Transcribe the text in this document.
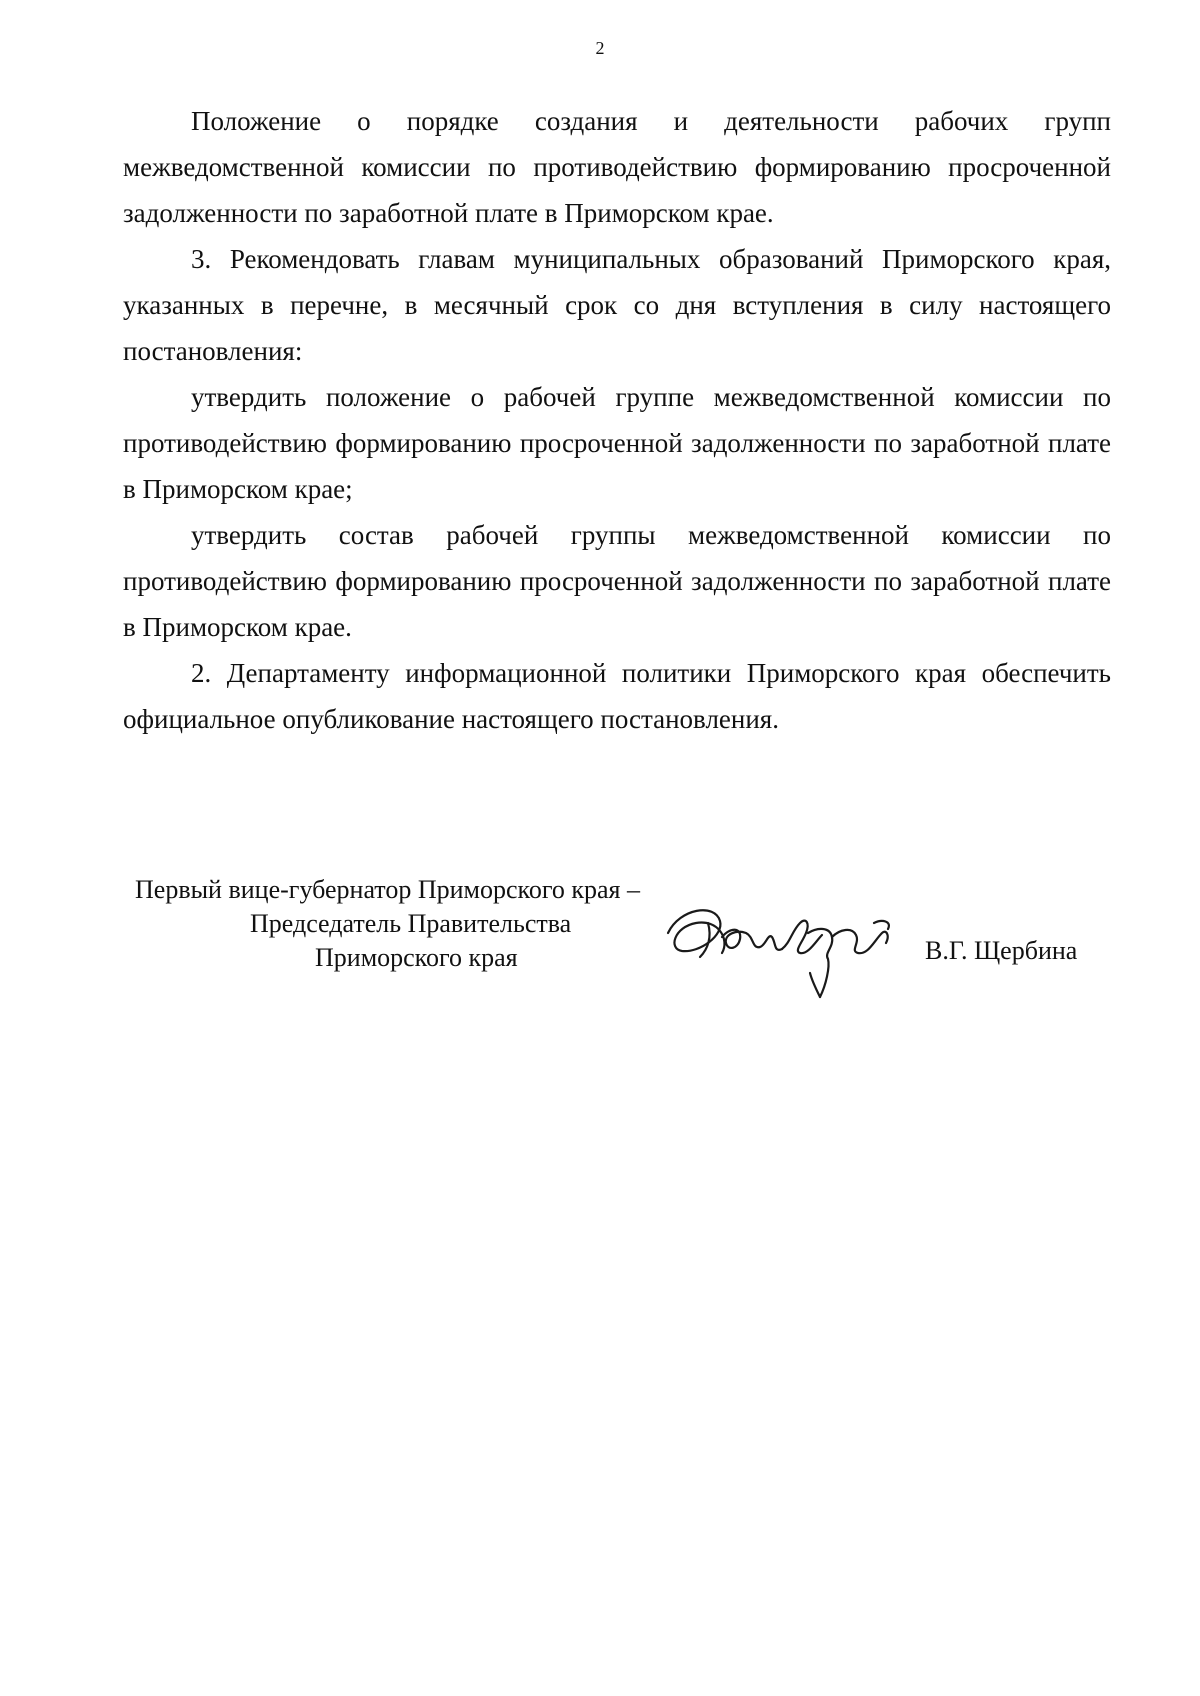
2

Положение о порядке создания и деятельности рабочих групп межведомственной комиссии по противодействию формированию просроченной задолженности по заработной плате в Приморском крае.

3. Рекомендовать главам муниципальных образований Приморского края, указанных в перечне, в месячный срок со дня вступления в силу настоящего постановления:

утвердить положение о рабочей группе межведомственной комиссии по противодействию формированию просроченной задолженности по заработной плате в Приморском крае;

утвердить состав рабочей группы межведомственной комиссии по противодействию формированию просроченной задолженности по заработной плате в Приморском крае.

2. Департаменту информационной политики Приморского края обеспечить официальное опубликование настоящего постановления.

Первый вице-губернатор Приморского края –
Председатель Правительства
Приморского края	В.Г. Щербина
